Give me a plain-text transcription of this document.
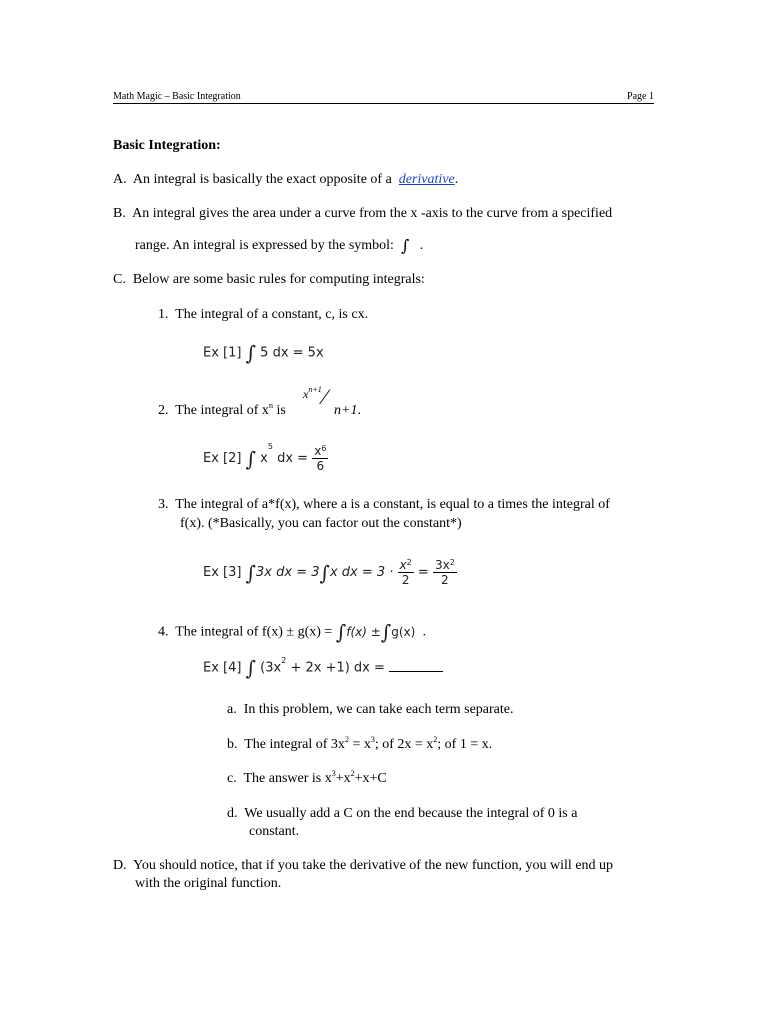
Math Magic – Basic Integration	Page 1
Basic Integration:
A. An integral is basically the exact opposite of a derivative.
B. An integral gives the area under a curve from the x -axis to the curve from a specified
range. An integral is expressed by the symbol: ∫ .
C. Below are some basic rules for computing integrals:
1. The integral of a constant, c, is cx.
Ex [1] ∫ 5 dx = 5x
2. The integral of $x^n$ is
$x^{n+1}$ ⁄
n+1.
Ex [2] ∫ $x^5$ dx = $\frac{x^6}{6}$
3. The integral of a*f(x), where a is a constant, is equal to a times the integral of
f(x). (*Basically, you can factor out the constant*)
Ex [3] ∫3x dx = 3∫x dx = $3 \cdot \frac{x^2}{2} = \frac{3x^2}{2}$
4. The integral of f(x) ± g(x) = ∫f(x) ±∫g(x) .
Ex [4] ∫ $(3x^2 + 2x +1)$ dx =
a. In this problem, we can take each term separate.
b. The integral of $3x^2 = x^3$; of $2x = x^2$; of 1 = x.
c. The answer is $x^3+x^2+x+C$
d. We usually add a C on the end because the integral of 0 is a
constant.
D. You should notice, that if you take the derivative of the new function, you will end up
with the original function.
